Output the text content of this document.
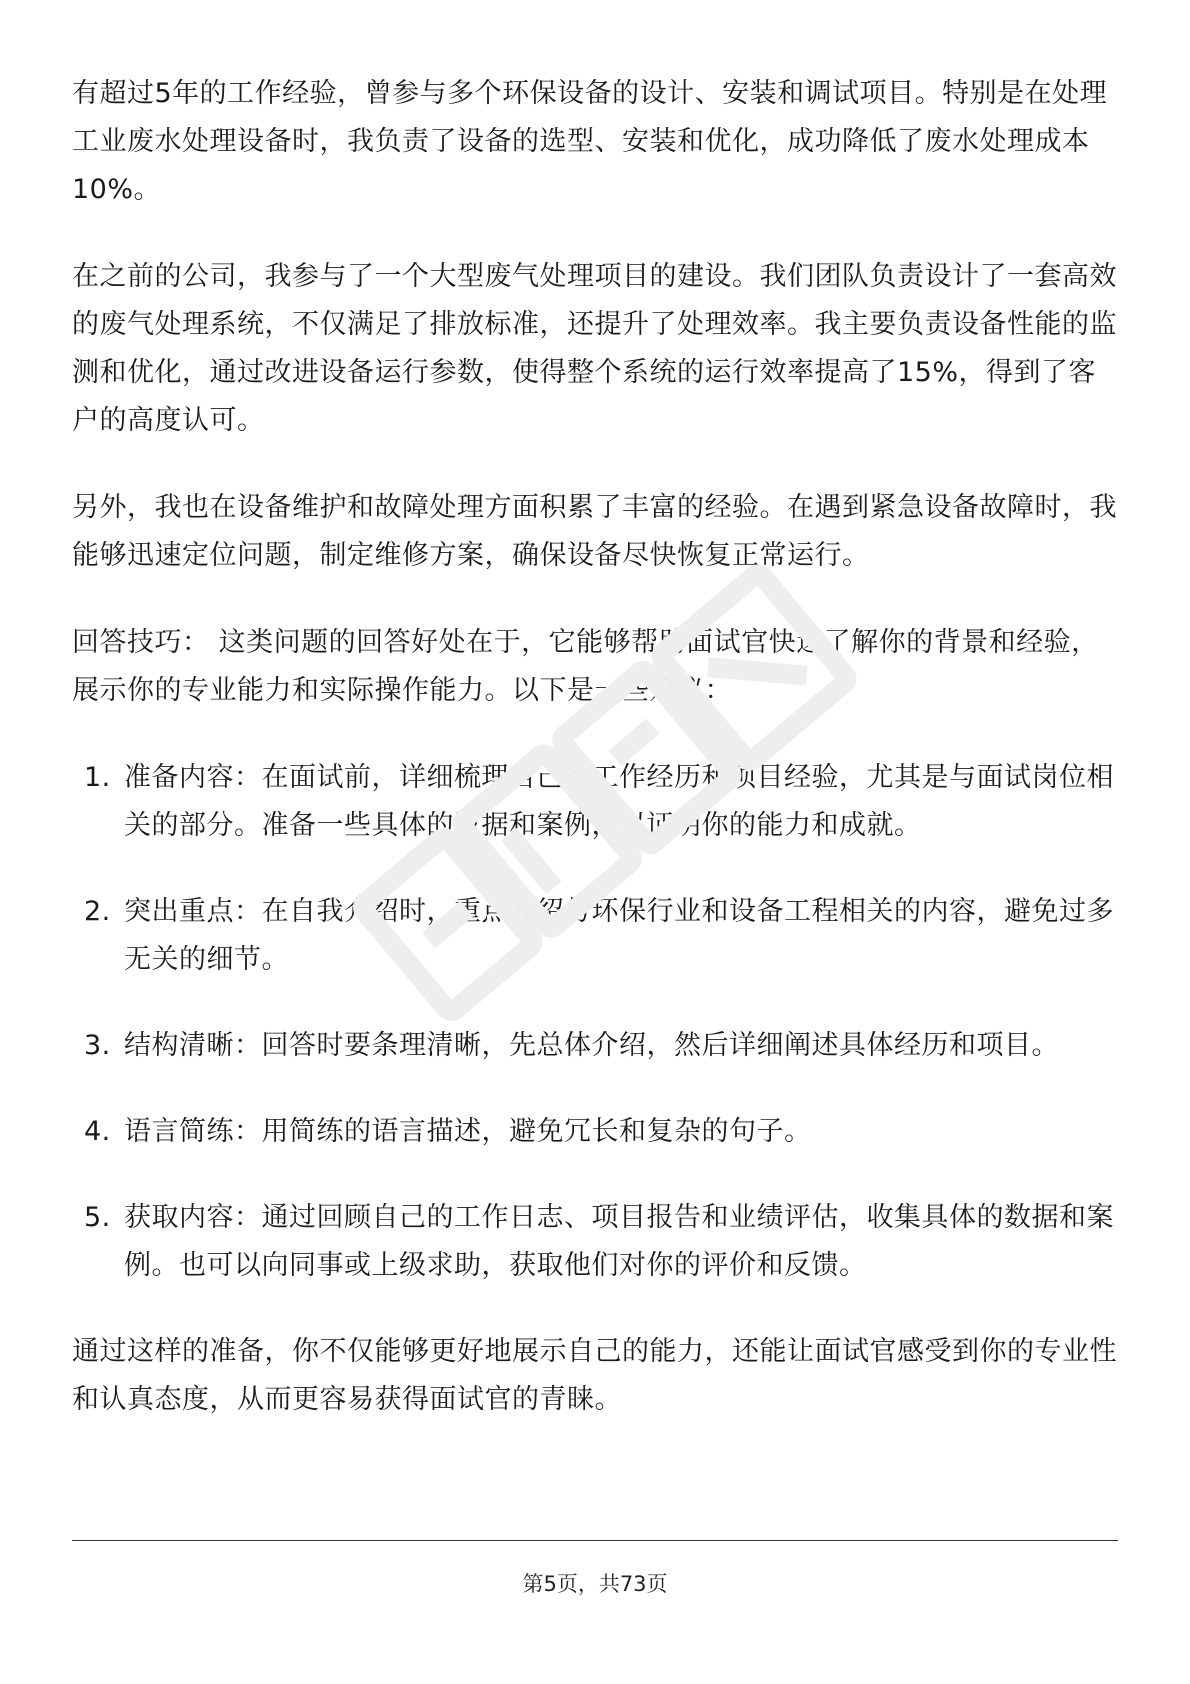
有超过5年的工作经验，曾参与多个环保设备的设计、安装和调试项目。特别是在处理工业废水处理设备时，我负责了设备的选型、安装和优化，成功降低了废水处理成本10%。

在之前的公司，我参与了一个大型废气处理项目的建设。我们团队负责设计了一套高效的废气处理系统，不仅满足了排放标准，还提升了处理效率。我主要负责设备性能的监测和优化，通过改进设备运行参数，使得整个系统的运行效率提高了15%，得到了客户的高度认可。

另外，我也在设备维护和故障处理方面积累了丰富的经验。在遇到紧急设备故障时，我能够迅速定位问题，制定维修方案，确保设备尽快恢复正常运行。

回答技巧： 这类问题的回答好处在于，它能够帮助面试官快速了解你的背景和经验，展示你的专业能力和实际操作能力。以下是一些建议：

1. 准备内容：在面试前，详细梳理自己的工作经历和项目经验，尤其是与面试岗位相关的部分。准备一些具体的数据和案例，以证明你的能力和成就。
2. 突出重点：在自我介绍时，重点介绍与环保行业和设备工程相关的内容，避免过多无关的细节。
3. 结构清晰：回答时要条理清晰，先总体介绍，然后详细阐述具体经历和项目。
4. 语言简练：用简练的语言描述，避免冗长和复杂的句子。
5. 获取内容：通过回顾自己的工作日志、项目报告和业绩评估，收集具体的数据和案例。也可以向同事或上级求助，获取他们对你的评价和反馈。

通过这样的准备，你不仅能够更好地展示自己的能力，还能让面试官感受到你的专业性和认真态度，从而更容易获得面试官的青睐。

第5页，共73页
